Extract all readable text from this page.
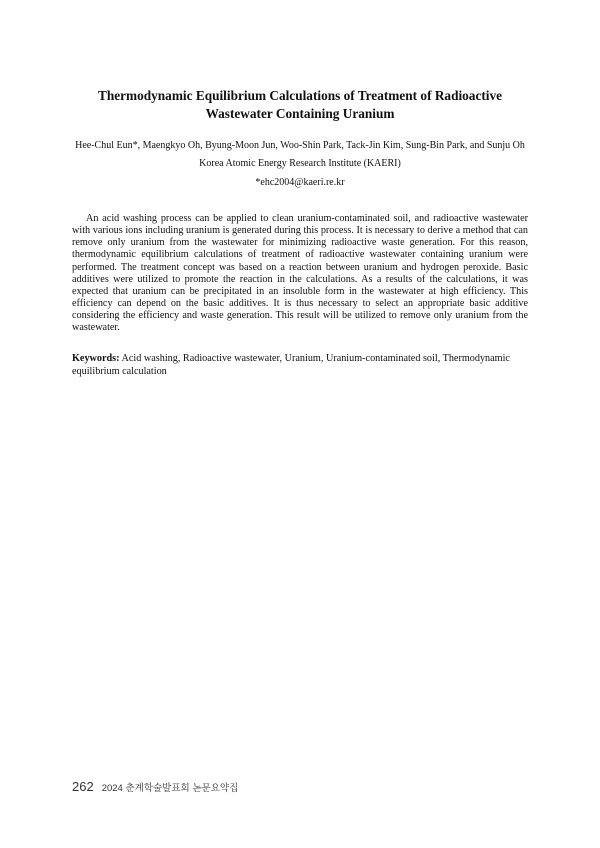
Thermodynamic Equilibrium Calculations of Treatment of Radioactive
Wastewater Containing Uranium
Hee-Chul Eun*, Maengkyo Oh, Byung-Moon Jun, Woo-Shin Park, Tack-Jin Kim, Sung-Bin Park, and Sunju Oh
Korea Atomic Energy Research Institute (KAERI)
*ehc2004@kaeri.re.kr

An acid washing process can be applied to clean uranium-contaminated soil, and radioactive wastewater with various ions including uranium is generated during this process. It is necessary to derive a method that can remove only uranium from the wastewater for minimizing radioactive waste generation. For this reason, thermodynamic equilibrium calculations of treatment of radioactive wastewater containing uranium were performed. The treatment concept was based on a reaction between uranium and hydrogen peroxide. Basic additives were utilized to promote the reaction in the calculations. As a results of the calculations, it was expected that uranium can be precipitated in an insoluble form in the wastewater at high efficiency. This efficiency can depend on the basic additives. It is thus necessary to select an appropriate basic additive considering the efficiency and waste generation. This result will be utilized to remove only uranium from the wastewater.

Keywords: Acid washing, Radioactive wastewater, Uranium, Uranium-contaminated soil, Thermodynamic equilibrium calculation

262 2024 춘계학술발표회 논문요약집
